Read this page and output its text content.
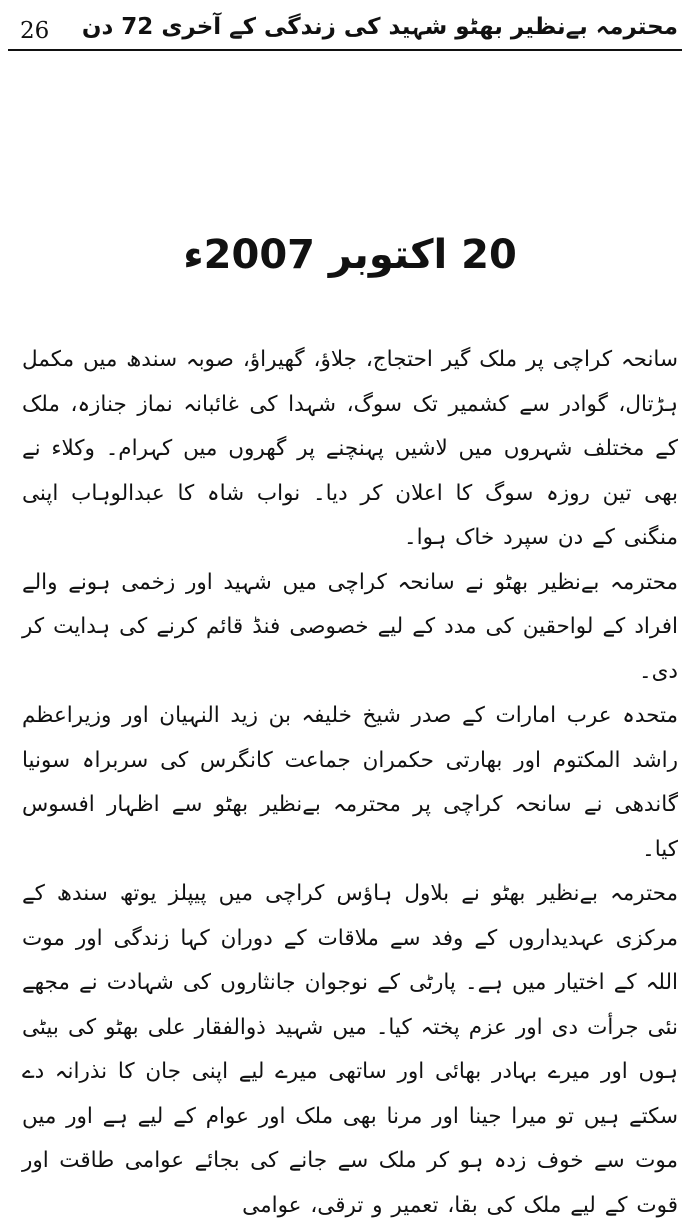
26 محترمہ بےنظیر بھٹو شہید کی زندگی کے آخری 72 دن
20 اکتوبر 2007ء

سانحہ کراچی پر ملک گیر احتجاج، جلاؤ، گھیراؤ، صوبہ سندھ میں مکمل ہڑتال، گوادر سے کشمیر تک سوگ، شہدا کی غائبانہ نماز جنازہ، ملک کے مختلف شہروں میں لاشیں پہنچنے پر گھروں میں کہرام۔ وکلاء نے بھی تین روزہ سوگ کا اعلان کر دیا۔ نواب شاہ کا عبدالوہاب اپنی منگنی کے دن سپرد خاک ہوا۔

محترمہ بےنظیر بھٹو نے سانحہ کراچی میں شہید اور زخمی ہونے والے افراد کے لواحقین کی مدد کے لیے خصوصی فنڈ قائم کرنے کی ہدایت کر دی۔

متحدہ عرب امارات کے صدر شیخ خلیفہ بن زید النہیان اور وزیراعظم راشد المکتوم اور بھارتی حکمران جماعت کانگرس کی سربراہ سونیا گاندھی نے سانحہ کراچی پر محترمہ بےنظیر بھٹو سے اظہار افسوس کیا۔

محترمہ بےنظیر بھٹو نے بلاول ہاؤس کراچی میں پیپلز یوتھ سندھ کے مرکزی عہدیداروں کے وفد سے ملاقات کے دوران کہا زندگی اور موت اللہ کے اختیار میں ہے۔ پارٹی کے نوجوان جانثاروں کی شہادت نے مجھے نئی جرأت دی اور عزم پختہ کیا۔ میں شہید ذوالفقار علی بھٹو کی بیٹی ہوں اور میرے بہادر بھائی اور ساتھی میرے لیے اپنی جان کا نذرانہ دے سکتے ہیں تو میرا جینا اور مرنا بھی ملک اور عوام کے لیے ہے اور میں موت سے خوف زدہ ہو کر ملک سے جانے کی بجائے عوامی طاقت اور قوت کے لیے ملک کی بقا، تعمیر و ترقی، عوامی
